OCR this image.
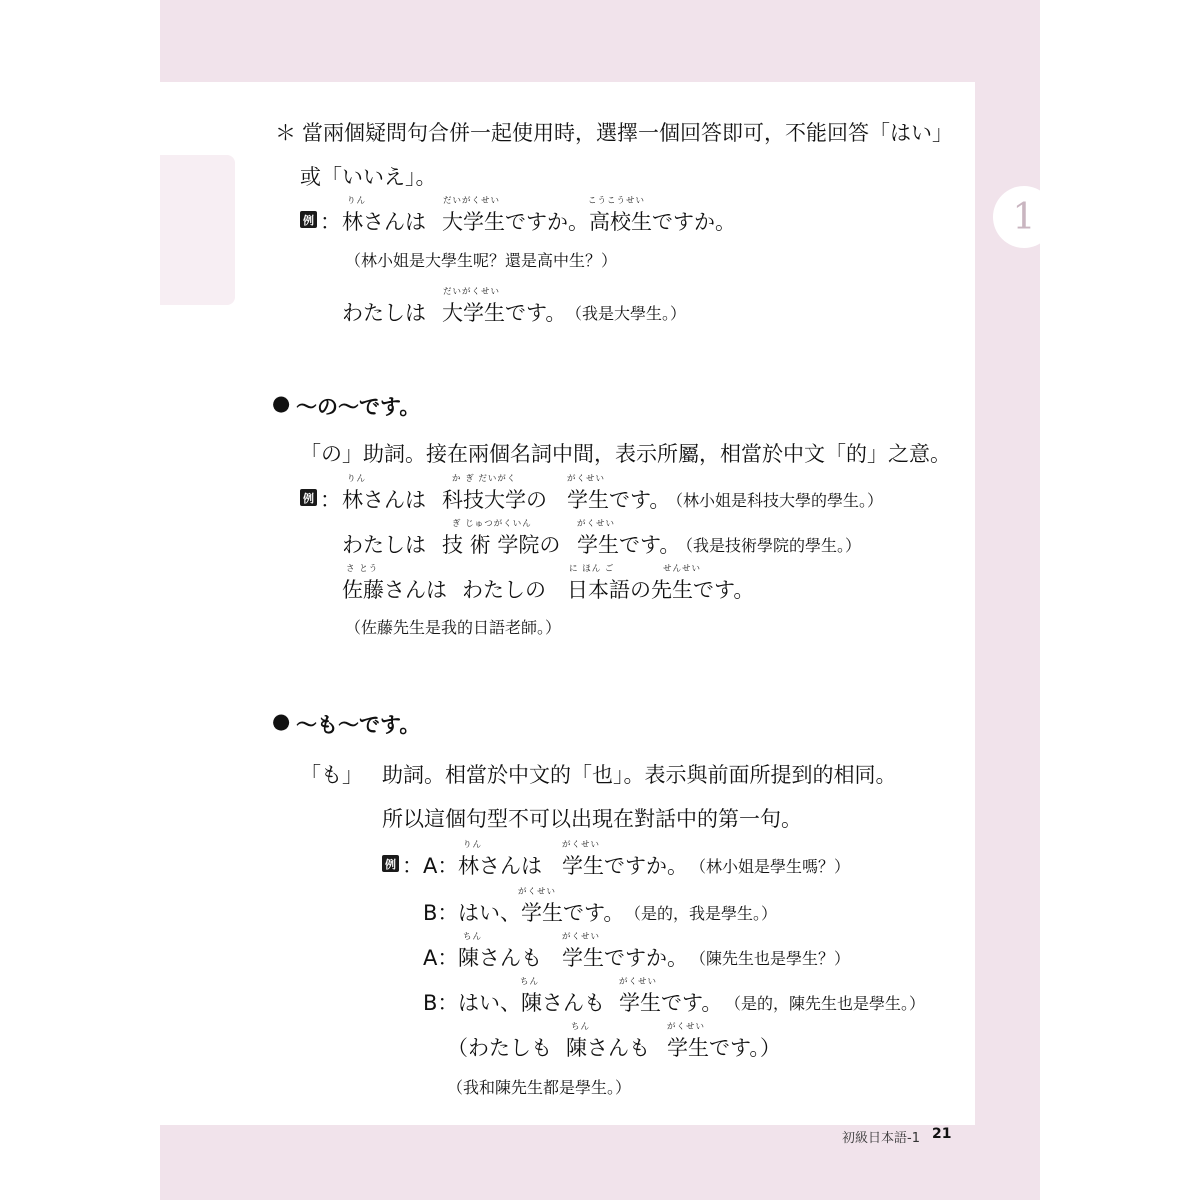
1
＊ 當兩個疑問句合併一起使用時，選擇一個回答即可，不能回答「はい」
或「いいえ」。
例 ：
りん
林さんは
だいがくせい	こうこうせい
大学生ですか。高校生ですか。
（林小姐是大學生呢？還是高中生？）
わたしは
だいがくせい
大学生です。 （我是大學生。）
● ～の～です。
「の」助詞。接在兩個名詞中間，表示所屬，相當於中文「的」之意。
例 ：
りん
林さんは
か ぎ だいがく
科技大学の
がくせい
学生です。
（林小姐是科技大學的學生。）
わたしは
ぎ じゅつがくいん
技 術 学院の
がくせい
学生です。
（我是技術學院的學生。）
さ とう
佐藤さんは わたしの
に ほん ご	せんせい
日本語の先生です。
（佐藤先生是我的日語老師。）
● ～も～です。
「も」 助詞。相當於中文的「也」。表示與前面所提到的相同。
所以這個句型不可以出現在對話中的第一句。
例 ： A：
りん
林さんは
がくせい
学生ですか。 （林小姐是學生嗎？）
B：
がくせい
はい、学生です。 （是的，我是學生。）
A：
ちん
陳さんも
がくせい
学生ですか。 （陳先生也是學生？）
B：
ちん
はい、陳さんも
がくせい
学生です。 （是的，陳先生也是學生。）
（わたしも
ちん
陳さんも
がくせい
学生です。）
（我和陳先生都是學生。）
初級日本語-1 21
